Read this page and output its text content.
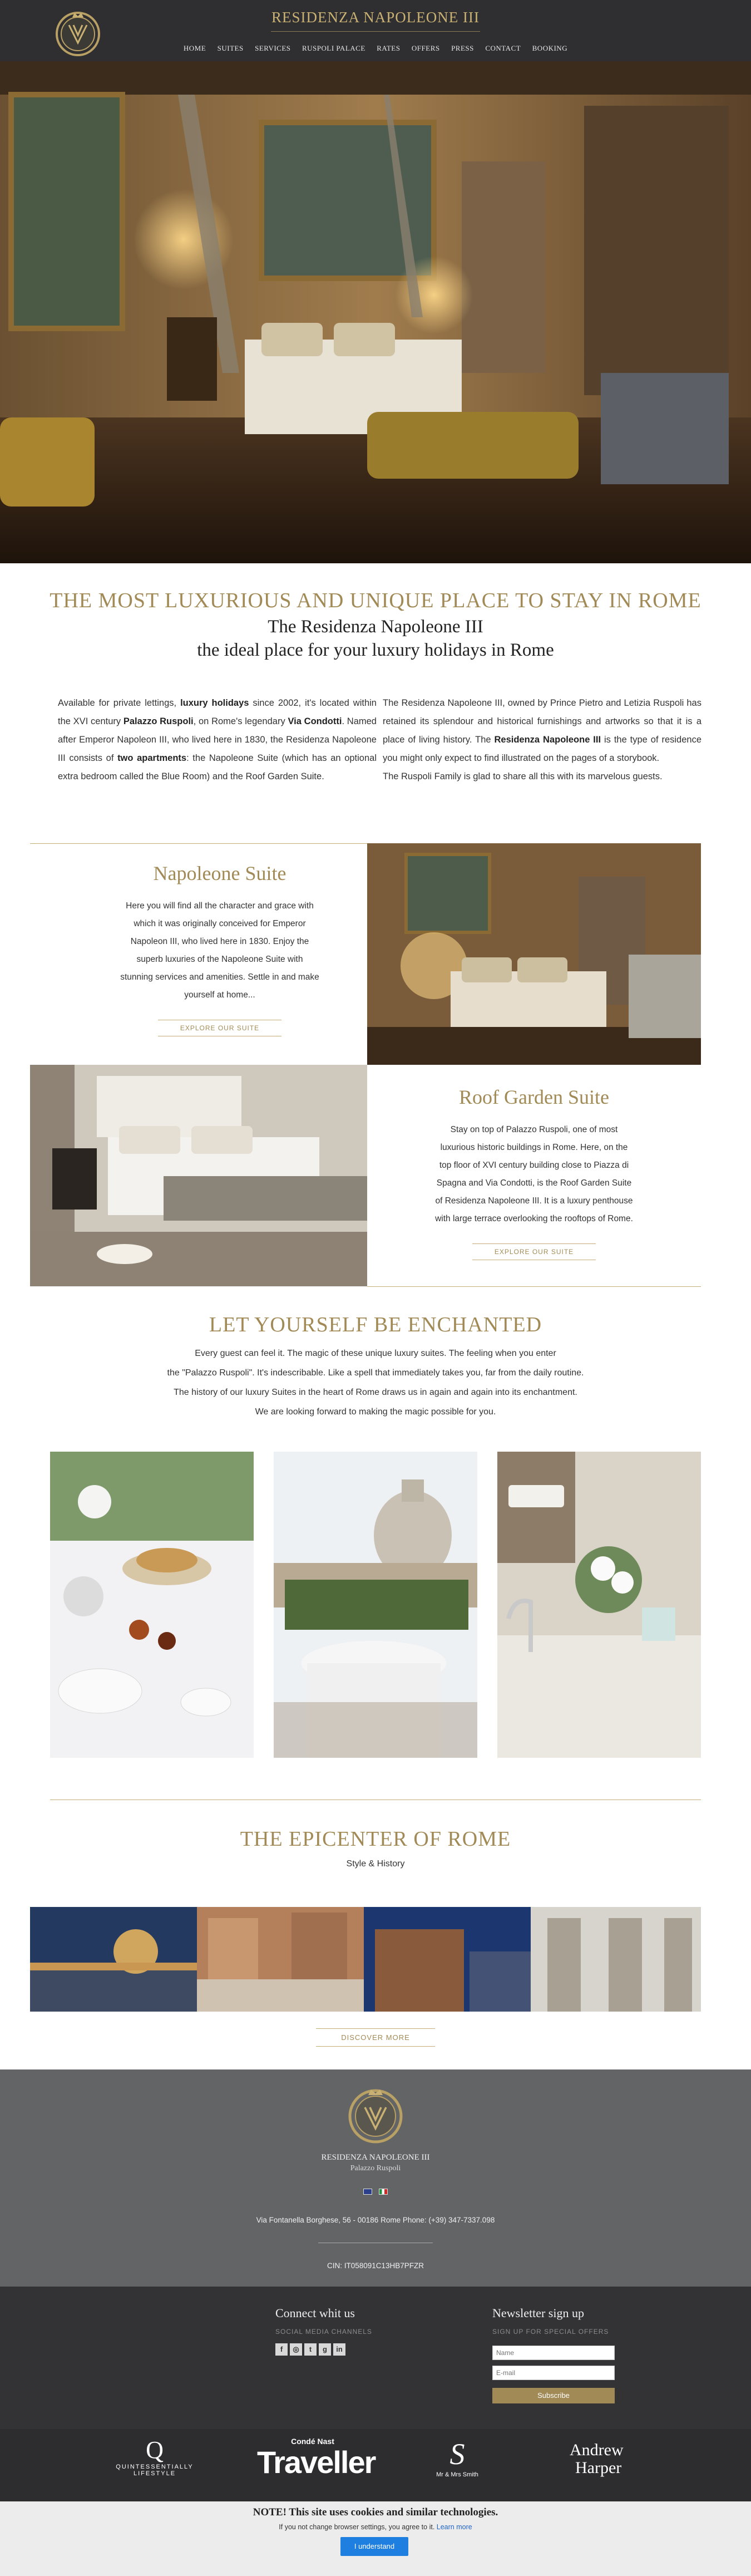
RESIDENZA NAPOLEONE III
HOME SUITES SERVICES RUSPOLI PALACE RATES OFFERS PRESS CONTACT BOOKING
THE MOST LUXURIOUS AND UNIQUE PLACE TO STAY IN ROME
The Residenza Napoleone III
the ideal place for your luxury holidays in Rome
Available for private lettings, luxury holidays since 2002, it's located within the XVI century Palazzo Ruspoli, on Rome's legendary Via Condotti. Named after Emperor Napoleon III, who lived here in 1830, the Residenza Napoleone III consists of two apartments: the Napoleone Suite (which has an optional extra bedroom called the Blue Room) and the Roof Garden Suite.
The Residenza Napoleone III, owned by Prince Pietro and Letizia Ruspoli has retained its splendour and historical furnishings and artworks so that it is a place of living history. The Residenza Napoleone III is the type of residence you might only expect to find illustrated on the pages of a storybook.
The Ruspoli Family is glad to share all this with its marvelous guests.
Napoleone Suite
Here you will find all the character and grace with which it was originally conceived for Emperor Napoleon III, who lived here in 1830. Enjoy the superb luxuries of the Napoleone Suite with stunning services and amenities. Settle in and make yourself at home...
EXPLORE OUR SUITE
Roof Garden Suite
Stay on top of Palazzo Ruspoli, one of most luxurious historic buildings in Rome. Here, on the top floor of XVI century building close to Piazza di Spagna and Via Condotti, is the Roof Garden Suite of Residenza Napoleone III. It is a luxury penthouse with large terrace overlooking the rooftops of Rome.
EXPLORE OUR SUITE
LET YOURSELF BE ENCHANTED
Every guest can feel it. The magic of these unique luxury suites. The feeling when you enter
the "Palazzo Ruspoli". It's indescribable. Like a spell that immediately takes you, far from the daily routine.
The history of our luxury Suites in the heart of Rome draws us in again and again into its enchantment.
We are looking forward to making the magic possible for you.
THE EPICENTER OF ROME
Style & History
DISCOVER MORE
RESIDENZA NAPOLEONE III
Palazzo Ruspoli

Via Fontanella Borghese, 56 - 00186 Rome Phone: (+39) 347-7337.098
CIN: IT058091C13HB7PFZR
Connect whit us
SOCIAL MEDIA CHANNELS
f ◎ t g in
Newsletter sign up
SIGN UP FOR SPECIAL OFFERS
Name
E-mail
Subscribe
Q
QUINTESSENTIALLY
LIFESTYLE
Condé Nast
Traveller	S
Mr & Mrs Smith
Andrew
Harper
NOTE! This site uses cookies and similar technologies.
If you not change browser settings, you agree to it. Learn more
I understand
